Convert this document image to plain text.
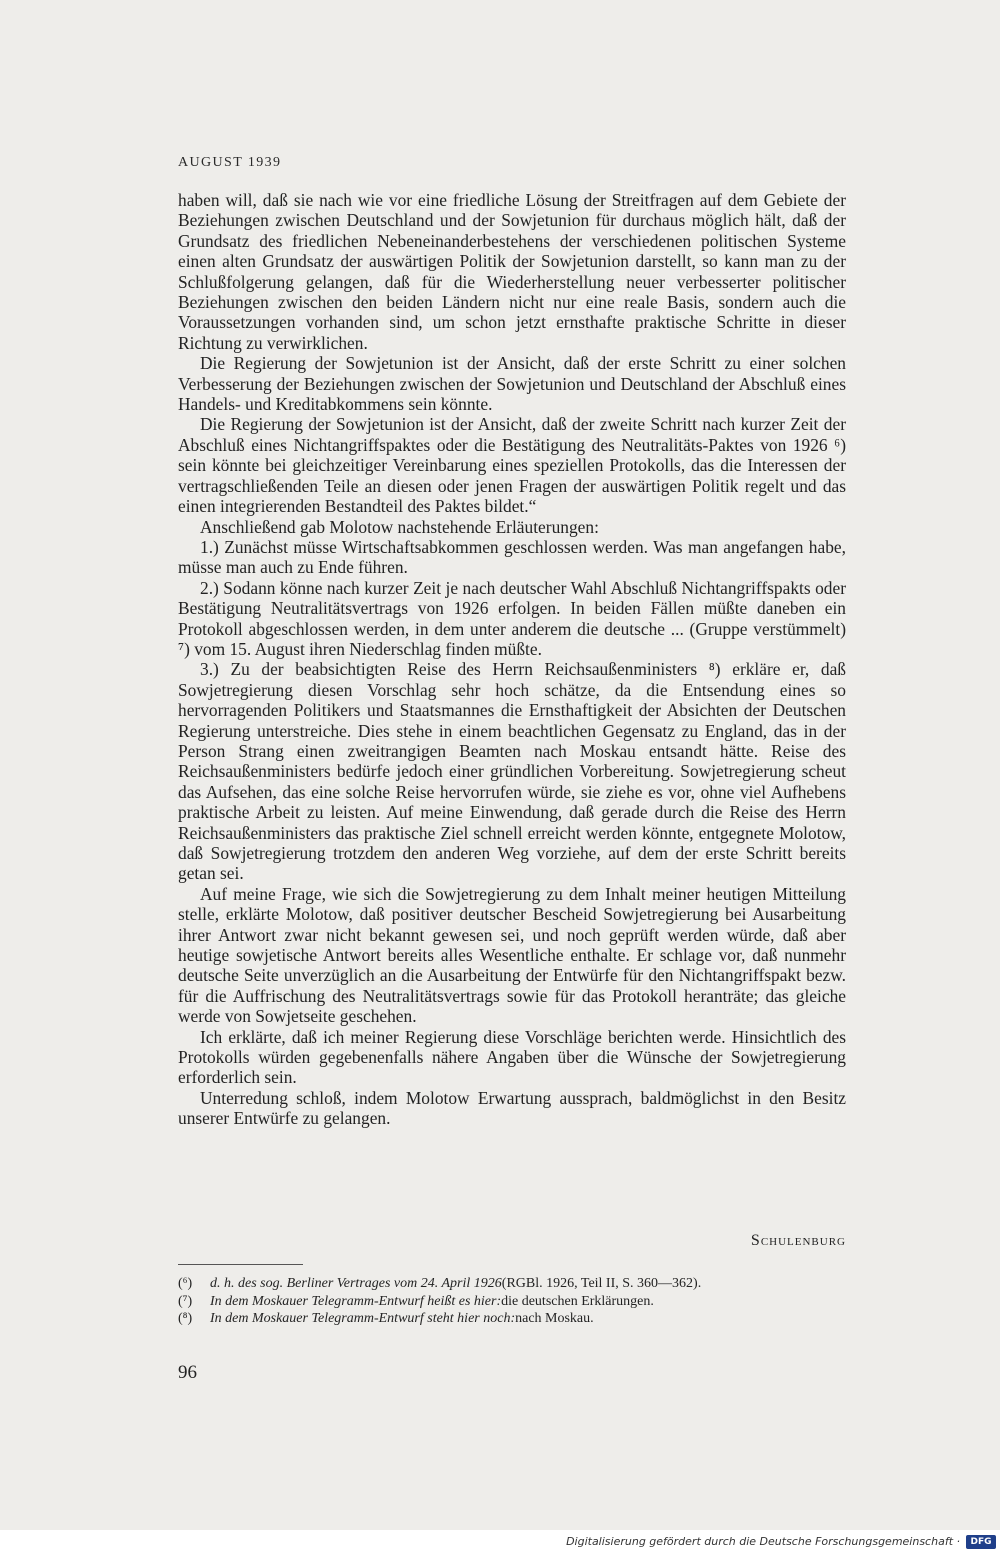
AUGUST 1939

haben will, daß sie nach wie vor eine friedliche Lösung der Streitfragen auf dem Gebiete der Beziehungen zwischen Deutschland und der Sowjetunion für durchaus möglich hält, daß der Grundsatz des friedlichen Nebeneinanderbestehens der verschiedenen politischen Systeme einen alten Grundsatz der auswärtigen Politik der Sowjetunion darstellt, so kann man zu der Schlußfolgerung gelangen, daß für die Wiederherstellung neuer verbesserter politischer Beziehungen zwischen den beiden Ländern nicht nur eine reale Basis, sondern auch die Voraussetzungen vorhanden sind, um schon jetzt ernsthafte praktische Schritte in dieser Richtung zu verwirklichen.

Die Regierung der Sowjetunion ist der Ansicht, daß der erste Schritt zu einer solchen Verbesserung der Beziehungen zwischen der Sowjetunion und Deutschland der Abschluß eines Handels- und Kreditabkommens sein könnte.

Die Regierung der Sowjetunion ist der Ansicht, daß der zweite Schritt nach kurzer Zeit der Abschluß eines Nichtangriffspaktes oder die Bestätigung des Neutralitäts-Paktes von 1926 ⁶) sein könnte bei gleichzeitiger Vereinbarung eines speziellen Protokolls, das die Interessen der vertragschließenden Teile an diesen oder jenen Fragen der auswärtigen Politik regelt und das einen integrierenden Bestandteil des Paktes bildet.“

Anschließend gab Molotow nachstehende Erläuterungen:

1.) Zunächst müsse Wirtschaftsabkommen geschlossen werden. Was man angefangen habe, müsse man auch zu Ende führen.

2.) Sodann könne nach kurzer Zeit je nach deutscher Wahl Abschluß Nichtangriffspakts oder Bestätigung Neutralitätsvertrags von 1926 erfolgen. In beiden Fällen müßte daneben ein Protokoll abgeschlossen werden, in dem unter anderem die deutsche ... (Gruppe verstümmelt) ⁷) vom 15. August ihren Niederschlag finden müßte.

3.) Zu der beabsichtigten Reise des Herrn Reichsaußenministers ⁸) erkläre er, daß Sowjetregierung diesen Vorschlag sehr hoch schätze, da die Entsendung eines so hervorragenden Politikers und Staatsmannes die Ernsthaftigkeit der Absichten der Deutschen Regierung unterstreiche. Dies stehe in einem beachtlichen Gegensatz zu England, das in der Person Strang einen zweitrangigen Beamten nach Moskau entsandt hätte. Reise des Reichsaußenministers bedürfe jedoch einer gründlichen Vorbereitung. Sowjetregierung scheut das Aufsehen, das eine solche Reise hervorrufen würde, sie ziehe es vor, ohne viel Aufhebens praktische Arbeit zu leisten. Auf meine Einwendung, daß gerade durch die Reise des Herrn Reichsaußenministers das praktische Ziel schnell erreicht werden könnte, entgegnete Molotow, daß Sowjetregierung trotzdem den anderen Weg vorziehe, auf dem der erste Schritt bereits getan sei.

Auf meine Frage, wie sich die Sowjetregierung zu dem Inhalt meiner heutigen Mitteilung stelle, erklärte Molotow, daß positiver deutscher Bescheid Sowjetregierung bei Ausarbeitung ihrer Antwort zwar nicht bekannt gewesen sei, und noch geprüft werden würde, daß aber heutige sowjetische Antwort bereits alles Wesentliche enthalte. Er schlage vor, daß nunmehr deutsche Seite unverzüglich an die Ausarbeitung der Entwürfe für den Nichtangriffspakt bezw. für die Auffrischung des Neutralitätsvertrags sowie für das Protokoll heranträte; das gleiche werde von Sowjetseite geschehen.

Ich erklärte, daß ich meiner Regierung diese Vorschläge berichten werde. Hinsichtlich des Protokolls würden gegebenenfalls nähere Angaben über die Wünsche der Sowjetregierung erforderlich sein.

Unterredung schloß, indem Molotow Erwartung aussprach, baldmöglichst in den Besitz unserer Entwürfe zu gelangen.

Schulenburg
(⁶)	d. h. des sog. Berliner Vertrages vom 24. April 1926 (RGBl. 1926, Teil II, S. 360—362).
(⁷)	In dem Moskauer Telegramm-Entwurf heißt es hier: die deutschen Erklärungen.
(⁸)	In dem Moskauer Telegramm-Entwurf steht hier noch: nach Moskau.
96
Digitalisierung gefördert durch die Deutsche Forschungsgemeinschaft ·	DFG
